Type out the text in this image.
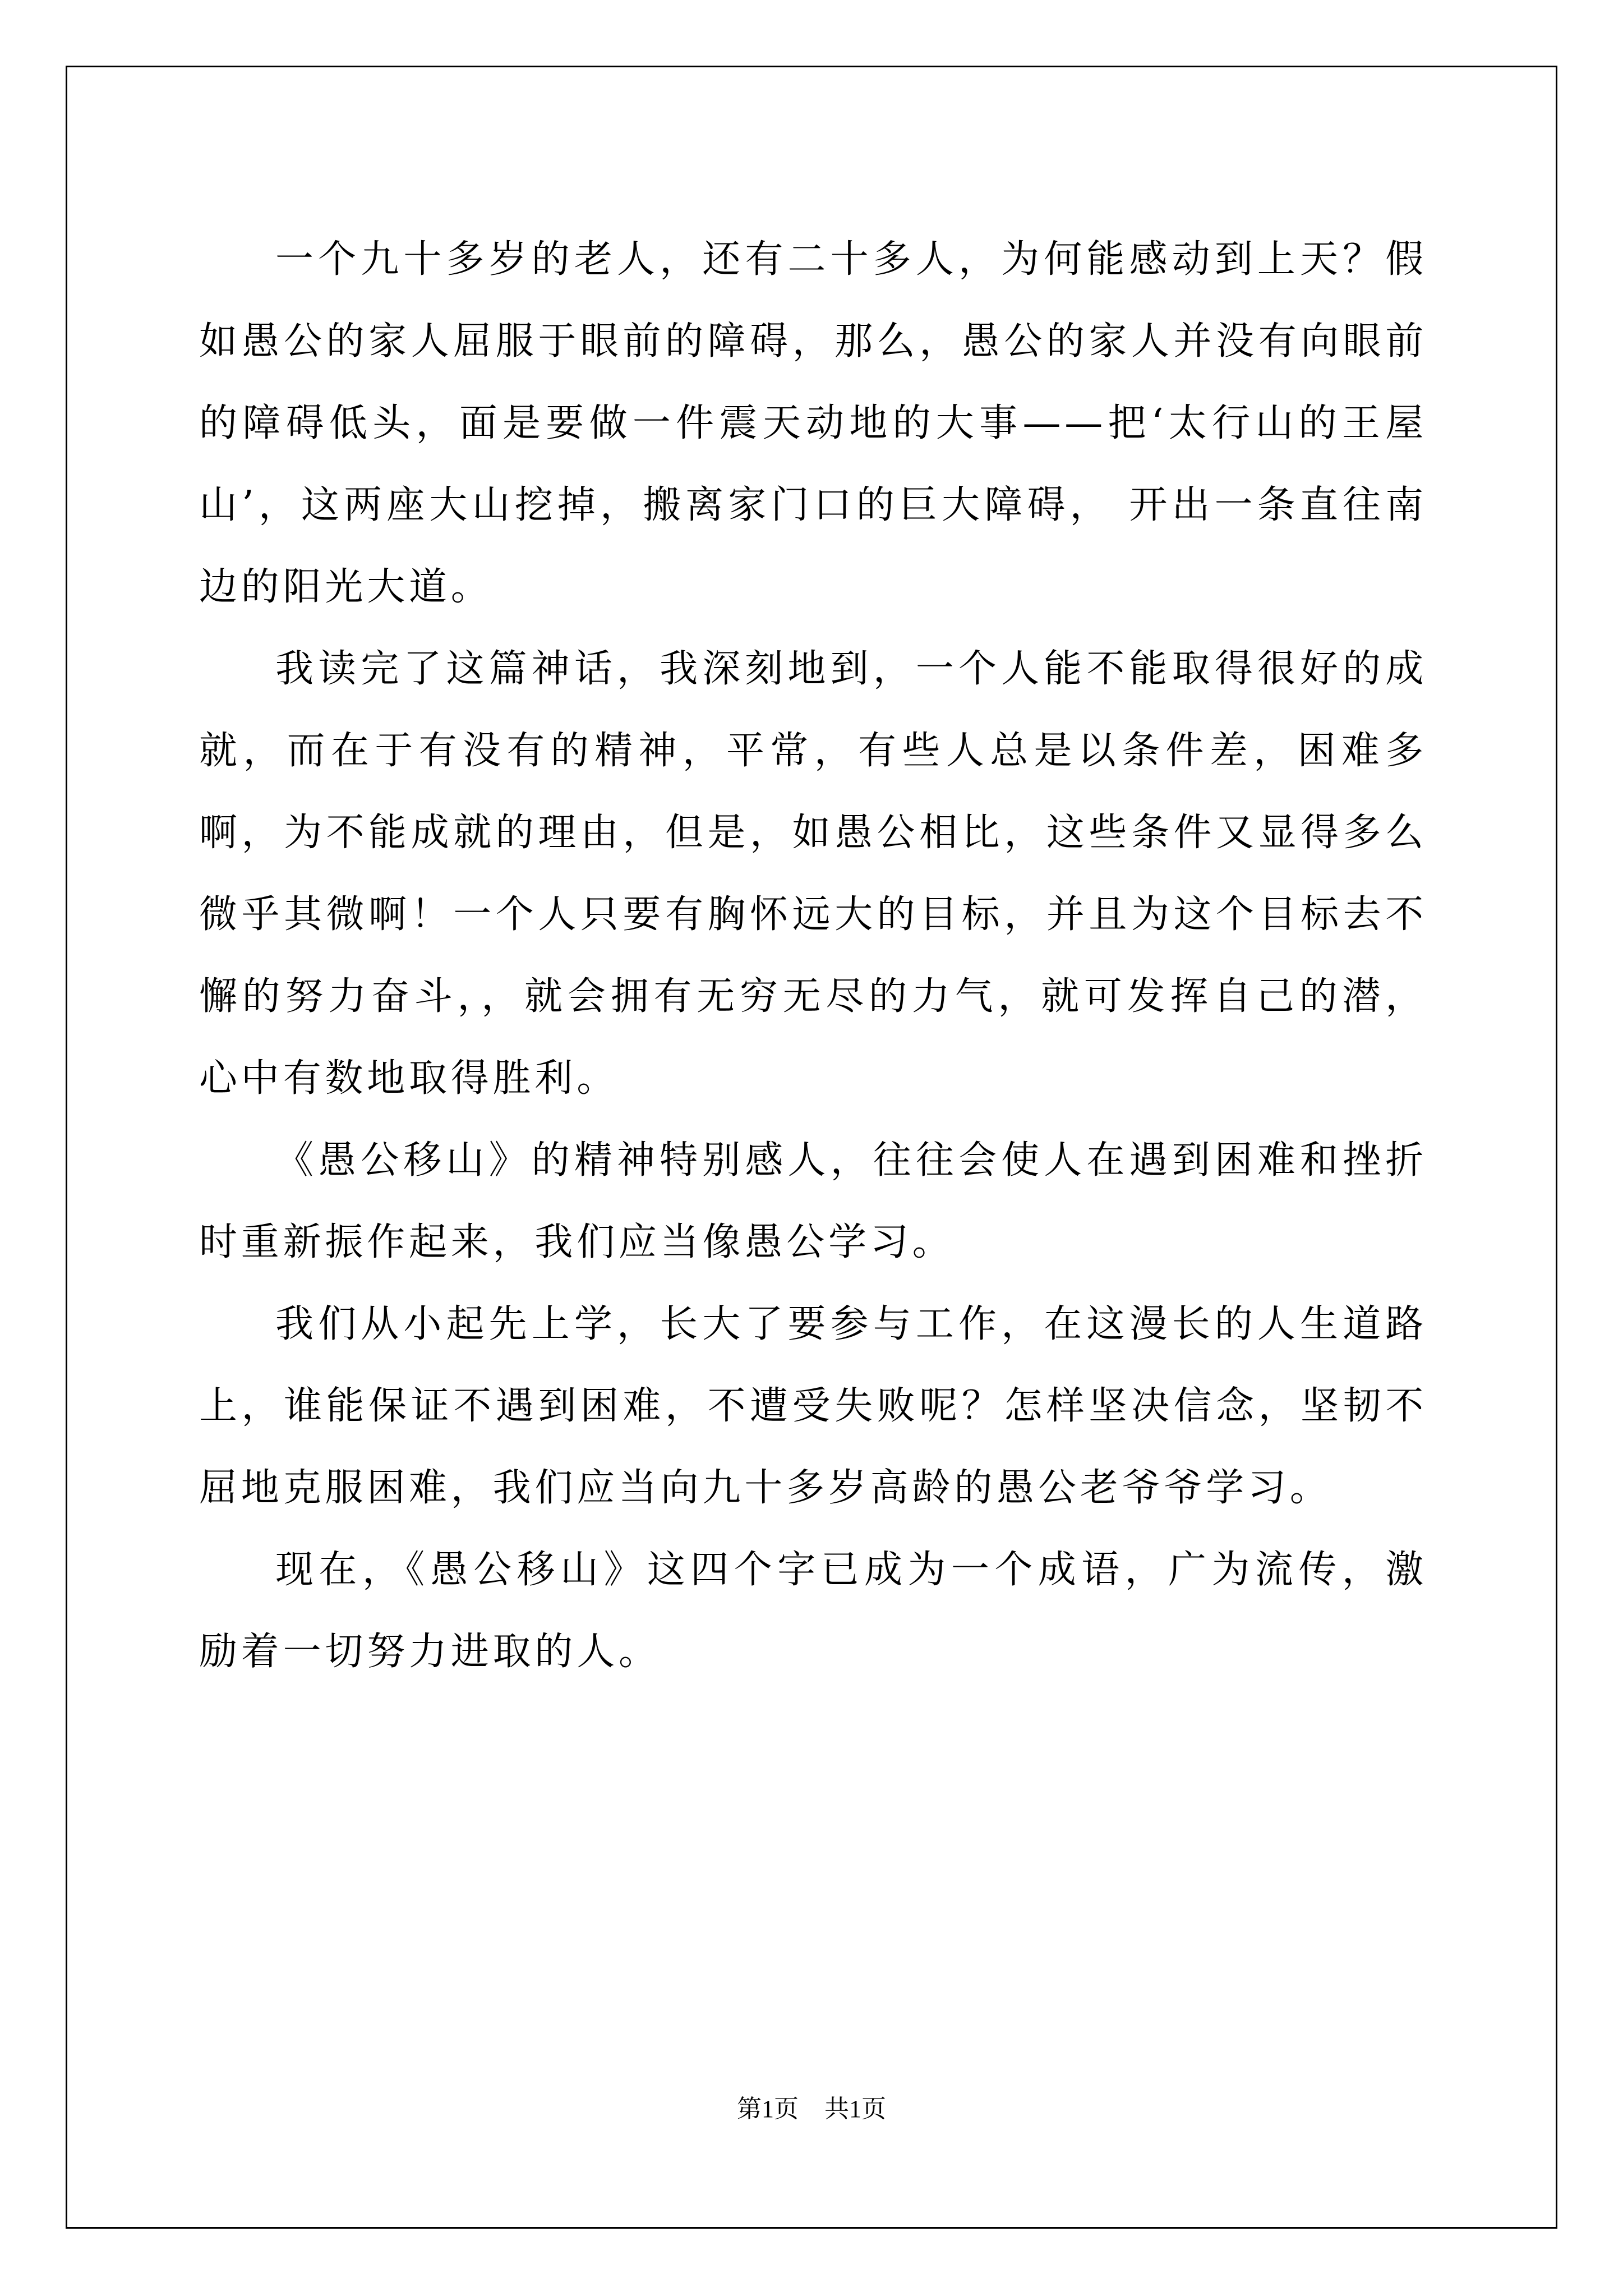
一个九十多岁的老人，还有二十多人，为何能感动到上天？假如愚公的家人屈服于眼前的障碍，那么，愚公的家人并没有向眼前的障碍低头，面是要做一件震天动地的大事——把‘太行山的王屋山’，这两座大山挖掉，搬离家门口的巨大障碍， 开出一条直往南边的阳光大道。

我读完了这篇神话，我深刻地到，一个人能不能取得很好的成就，而在于有没有的精神，平常，有些人总是以条件差，困难多啊，为不能成就的理由，但是，如愚公相比，这些条件又显得多么微乎其微啊！一个人只要有胸怀远大的目标，并且为这个目标去不懈的努力奋斗，，就会拥有无穷无尽的力气，就可发挥自己的潜，心中有数地取得胜利。

《愚公移山》的精神特别感人，往往会使人在遇到困难和挫折时重新振作起来，我们应当像愚公学习。

我们从小起先上学，长大了要参与工作，在这漫长的人生道路上，谁能保证不遇到困难，不遭受失败呢？怎样坚决信念，坚韧不屈地克服困难，我们应当向九十多岁高龄的愚公老爷爷学习。

现在，《愚公移山》这四个字已成为一个成语，广为流传，激励着一切努力进取的人。

第1页 共1页
